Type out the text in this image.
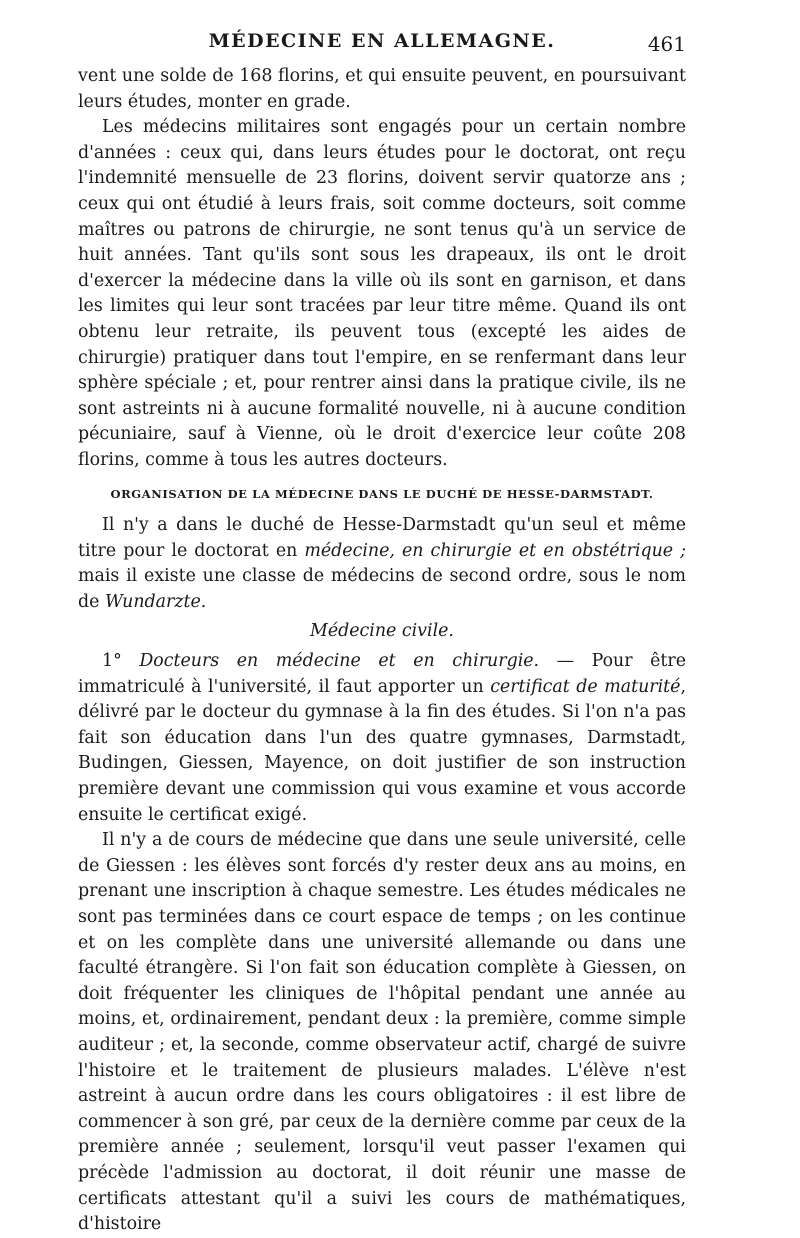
MÉDECINE EN ALLEMAGNE.	461

vent une solde de 168 florins, et qui ensuite peuvent, en poursuivant leurs études, monter en grade.

Les médecins militaires sont engagés pour un certain nombre d'années : ceux qui, dans leurs études pour le doctorat, ont reçu l'indemnité mensuelle de 23 florins, doivent servir quatorze ans ; ceux qui ont étudié à leurs frais, soit comme docteurs, soit comme maîtres ou patrons de chirurgie, ne sont tenus qu'à un service de huit années. Tant qu'ils sont sous les drapeaux, ils ont le droit d'exercer la médecine dans la ville où ils sont en garnison, et dans les limites qui leur sont tracées par leur titre même. Quand ils ont obtenu leur retraite, ils peuvent tous (excepté les aides de chirurgie) pratiquer dans tout l'empire, en se renfermant dans leur sphère spéciale ; et, pour rentrer ainsi dans la pratique civile, ils ne sont astreints ni à aucune formalité nouvelle, ni à aucune condition pécuniaire, sauf à Vienne, où le droit d'exercice leur coûte 208 florins, comme à tous les autres docteurs.

ORGANISATION DE LA MÉDECINE DANS LE DUCHÉ DE HESSE-DARMSTADT.

Il n'y a dans le duché de Hesse-Darmstadt qu'un seul et même titre pour le doctorat en médecine, en chirurgie et en obstétrique ; mais il existe une classe de médecins de second ordre, sous le nom de Wundarzte.

Médecine civile.

1° Docteurs en médecine et en chirurgie. — Pour être immatriculé à l'université, il faut apporter un certificat de maturité, délivré par le docteur du gymnase à la fin des études. Si l'on n'a pas fait son éducation dans l'un des quatre gymnases, Darmstadt, Budingen, Giessen, Mayence, on doit justifier de son instruction première devant une commission qui vous examine et vous accorde ensuite le certificat exigé.

Il n'y a de cours de médecine que dans une seule université, celle de Giessen : les élèves sont forcés d'y rester deux ans au moins, en prenant une inscription à chaque semestre. Les études médicales ne sont pas terminées dans ce court espace de temps ; on les continue et on les complète dans une université allemande ou dans une faculté étrangère. Si l'on fait son éducation complète à Giessen, on doit fréquenter les cliniques de l'hôpital pendant une année au moins, et, ordinairement, pendant deux : la première, comme simple auditeur ; et, la seconde, comme observateur actif, chargé de suivre l'histoire et le traitement de plusieurs malades. L'élève n'est astreint à aucun ordre dans les cours obligatoires : il est libre de commencer à son gré, par ceux de la dernière comme par ceux de la première année ; seulement, lorsqu'il veut passer l'examen qui précède l'admission au doctorat, il doit réunir une masse de certificats attestant qu'il a suivi les cours de mathématiques, d'histoire
